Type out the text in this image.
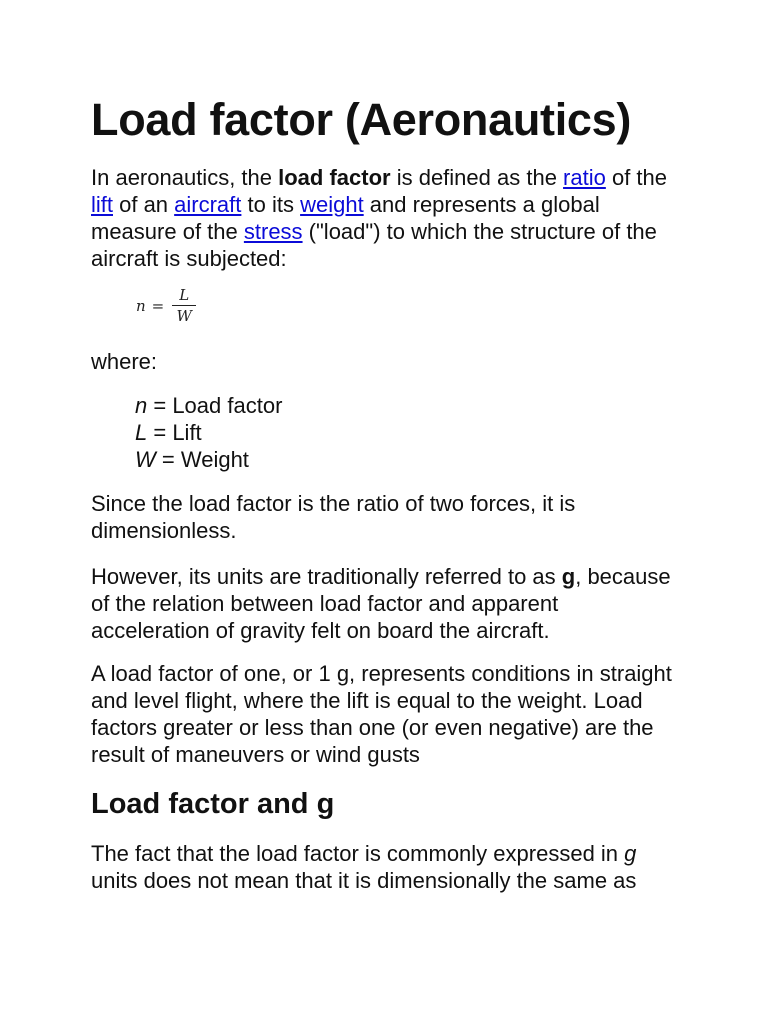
Load factor (Aeronautics)

In aeronautics, the load factor is defined as the ratio of the lift of an aircraft to its weight and represents a global measure of the stress ("load") to which the structure of the aircraft is subjected:

$n = \frac{L}{W}$

where:

n = Load factor
L = Lift
W = Weight

Since the load factor is the ratio of two forces, it is dimensionless.

However, its units are traditionally referred to as g, because of the relation between load factor and apparent acceleration of gravity felt on board the aircraft.

A load factor of one, or 1 g, represents conditions in straight and level flight, where the lift is equal to the weight. Load factors greater or less than one (or even negative) are the result of maneuvers or wind gusts

Load factor and g

The fact that the load factor is commonly expressed in g units does not mean that it is dimensionally the same as
